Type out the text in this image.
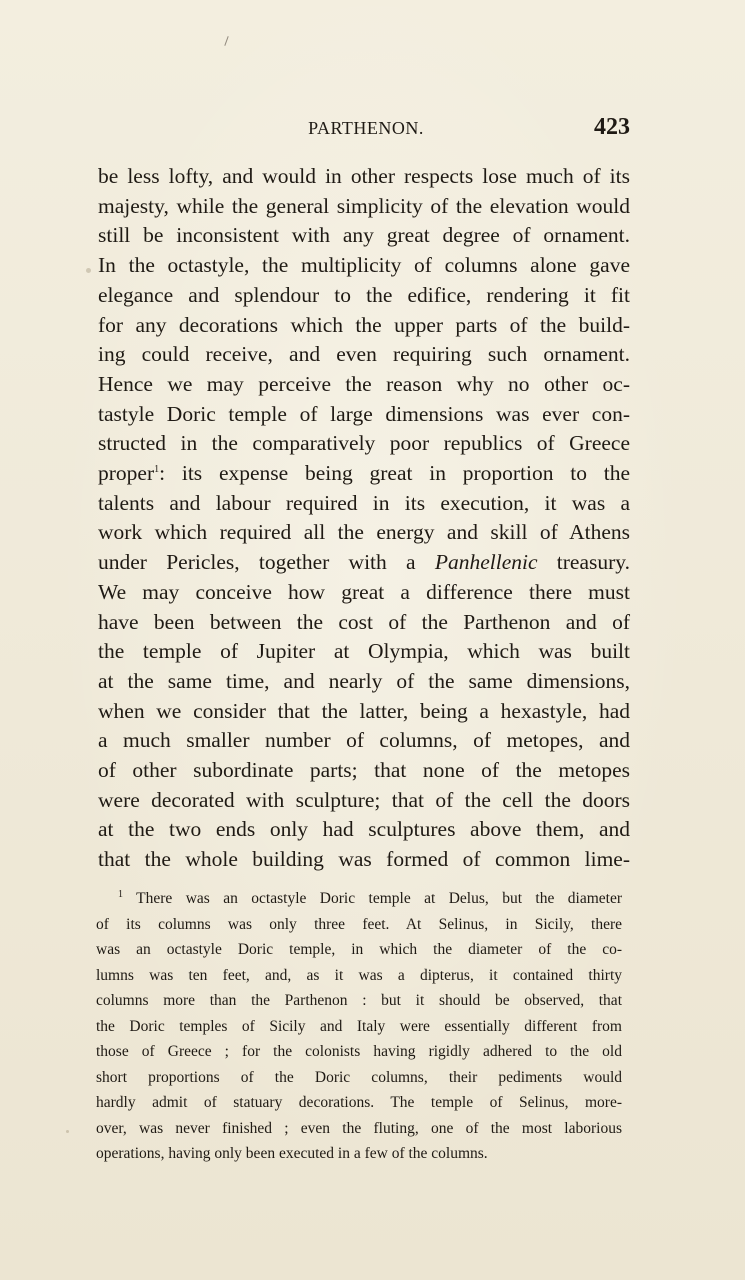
PARTHENON.	423
be less lofty, and would in other respects lose much of its
majesty, while the general simplicity of the elevation would
still be inconsistent with any great degree of ornament.
In the octastyle, the multiplicity of columns alone gave
elegance and splendour to the edifice, rendering it fit
for any decorations which the upper parts of the build-
ing could receive, and even requiring such ornament.
Hence we may perceive the reason why no other oc-
tastyle Doric temple of large dimensions was ever con-
structed in the comparatively poor republics of Greece
proper$^1$: its expense being great in proportion to the
talents and labour required in its execution, it was a
work which required all the energy and skill of Athens
under Pericles, together with a Panhellenic treasury.
We may conceive how great a difference there must
have been between the cost of the Parthenon and of
the temple of Jupiter at Olympia, which was built
at the same time, and nearly of the same dimensions,
when we consider that the latter, being a hexastyle, had
a much smaller number of columns, of metopes, and
of other subordinate parts; that none of the metopes
were decorated with sculpture; that of the cell the doors
at the two ends only had sculptures above them, and
that the whole building was formed of common lime-
$^1$ There was an octastyle Doric temple at Delus, but the diameter
of its columns was only three feet. At Selinus, in Sicily, there
was an octastyle Doric temple, in which the diameter of the co-
lumns was ten feet, and, as it was a dipterus, it contained thirty
columns more than the Parthenon : but it should be observed, that
the Doric temples of Sicily and Italy were essentially different from
those of Greece ; for the colonists having rigidly adhered to the old
short proportions of the Doric columns, their pediments would
hardly admit of statuary decorations. The temple of Selinus, more-
over, was never finished ; even the fluting, one of the most laborious
operations, having only been executed in a few of the columns.
